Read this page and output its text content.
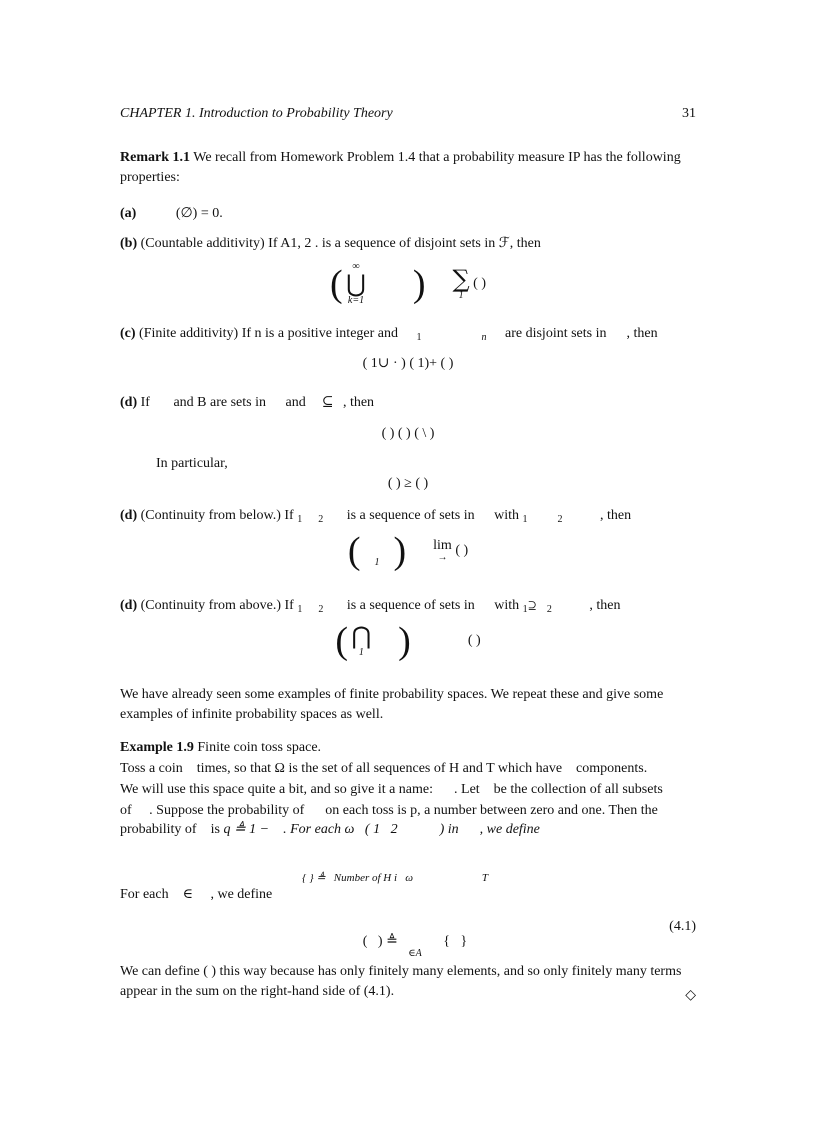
CHAPTER 1. Introduction to Probability Theory	31
Remark 1.1 We recall from Homework Problem 1.4 that a probability measure IP has the following properties:
(a)	(∅) = 0.
(b) (Countable additivity) If A1, 2 . is a sequence of disjoint sets in ℱ, then
( ∞
⋃
k=1 ) ∑
1
( )
(c) (Finite additivity) If n is a positive integer and 1	n are disjoint sets in , then
( 1∪ · ) ( 1)+ ( )
(d) If and B are sets in and ⊆ , then
( ) ( ) ( \ )
In particular,
( ) ≥ ( )
(d) (Continuity from below.) If 1 2 is a sequence of sets in with 1	2	, then
(
	1 ) lim
→ ( )
(d) (Continuity from above.) If 1 2 is a sequence of sets in with 1⊇ 2	, then
( ⋂
1 )	( )
We have already seen some examples of finite probability spaces. We repeat these and give some examples of infinite probability spaces as well.
Example 1.9 Finite coin toss space.
Toss a coin    times, so that Ω is the set of all sequences of H and T which have    components.
We will use this space quite a bit, and so give it a name:      . Let    be the collection of all subsets
of     . Suppose the probability of      on each toss is p, a number between zero and one. Then the
probability of    is q ≜ 1 −    . For each ω   ( 1   2            ) in      , we define

{ } ≜   Number of H i   ω                         T

For each    ∈     , we define

(   ) ≜             {   }
∈A

(4.1)
We can define ( ) this way because has only finitely many elements, and so only finitely many terms appear in the sum on the right-hand side of (4.1).	◇
